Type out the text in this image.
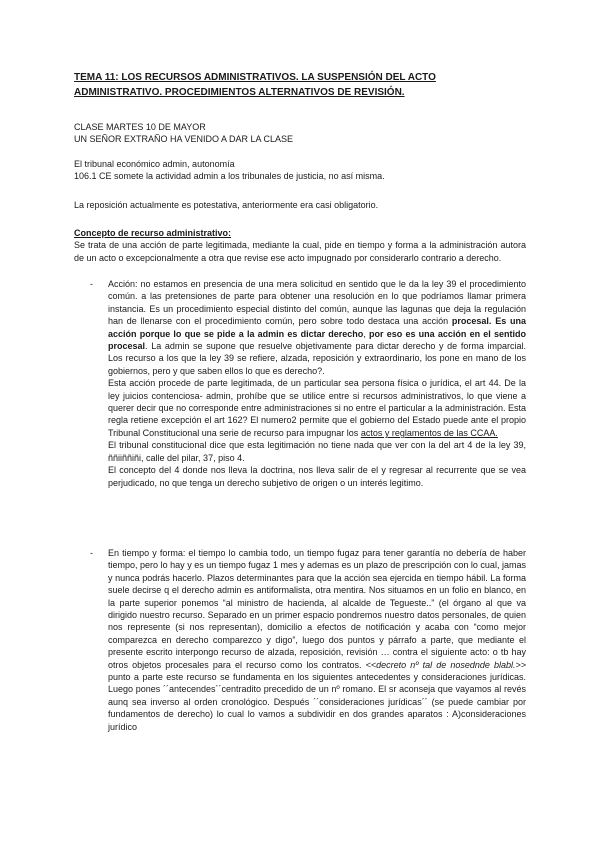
TEMA 11: LOS RECURSOS ADMINISTRATIVOS. LA SUSPENSIÓN DEL ACTO
ADMINISTRATIVO. PROCEDIMIENTOS ALTERNATIVOS DE REVISIÓN.

CLASE MARTES 10 DE MAYOR

UN SEÑOR EXTRAÑO HA VENIDO A DAR LA CLASE

El tribunal económico admin, autonomía

106.1 CE somete la actividad admin a los tribunales de justicia, no así misma.

La reposición actualmente es potestativa, anteriormente era casi obligatorio.

Concepto de recurso administrativo:

Se trata de una acción de parte legitimada, mediante la cual, pide en tiempo y forma a la administración autora de un acto o excepcionalmente a otra que revise ese acto impugnado por considerarlo contrario a derecho.

- Acción: no estamos en presencia de una mera solicitud en sentido que le da la ley 39 el procedimiento común. a las pretensiones de parte para obtener una resolución en lo que podríamos llamar primera instancia. Es un procedimiento especial distinto del común, aunque las lagunas que deja la regulación han de llenarse con el procedimiento común, pero sobre todo destaca una acción procesal. Es una acción porque lo que se pide a la admin es dictar derecho, por eso es una acción en el sentido procesal. La admin se supone que resuelve objetivamente para dictar derecho y de forma imparcial. Los recurso a los que la ley 39 se refiere, alzada, reposición y extraordinario, los pone en mano de los gobiernos, pero y que saben ellos lo que es derecho?.

Esta acción procede de parte legitimada, de un particular sea persona física o jurídica, el art 44. De la ley juicios contenciosa- admin, prohíbe que se utilice entre si recursos administrativos, lo que viene a querer decir que no corresponde entre administraciones si no entre el particular a la administración. Esta regla retiene excepción el art 162? El numero2 permite que el gobierno del Estado puede ante el propio Tribunal Constitucional una serie de recurso para impugnar los actos y reglamentos de las CCAA.

El tribunal constitucional dice que esta legitimación no tiene nada que ver con la del art 4 de la ley 39, ññiiññiñi, calle del pilar, 37, piso 4.

El concepto del 4 donde nos lleva la doctrina, nos lleva salir de el y regresar al recurrente que se vea perjudicado, no que tenga un derecho subjetivo de origen o un interés legitimo.

- En tiempo y forma: el tiempo lo cambia todo, un tiempo fugaz para tener garantía no debería de haber tiempo, pero lo hay y es un tiempo fugaz 1 mes y ademas es un plazo de prescripción con lo cual, jamas y nunca podrás hacerlo. Plazos determinantes para que la acción sea ejercida en tiempo hábil. La forma suele decirse q el derecho admin es antiformalista, otra mentira. Nos situamos en un folio en blanco, en la parte superior ponemos “al ministro de hacienda, al alcalde de Tegueste..” (el órgano al que va dirigido nuestro recurso. Separado en un primer espacio pondremos nuestro datos personales, de quien nos represente (si nos representan), domicilio a efectos de notificación y acaba con “como mejor comparezca en derecho comparezco y digo”, luego dos puntos y párrafo a parte, que mediante el presente escrito interpongo recurso de alzada, reposición, revisión … contra el siguiente acto: o tb hay otros objetos procesales para el recurso como los contratos. <<decreto nº tal de nosednde blabl.>> punto a parte este recurso se fundamenta en los siguientes antecedentes y consideraciones jurídicas. Luego pones ´´antecendes´´centradito precedido de un nº romano. El sr aconseja que vayamos al revés aunq sea inverso al orden cronológico. Después ´´consideraciones jurídicas´´ (se puede cambiar por fundamentos de derecho) lo cual lo vamos a subdividir en dos grandes aparatos : A)consideraciones jurídico
